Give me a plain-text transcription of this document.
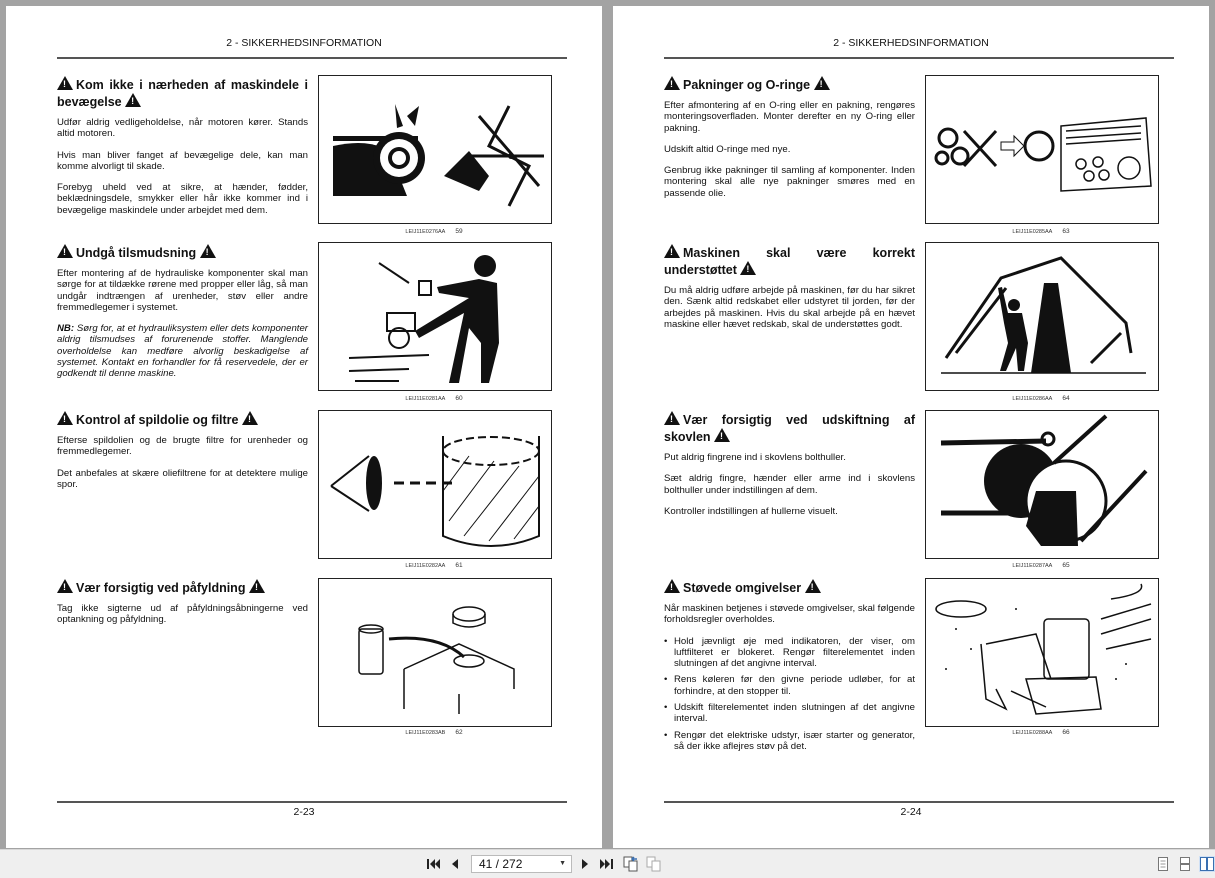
2 - SIKKERHEDSINFORMATION
!Kom ikke i nærheden af maskindele i bevægelse !

Udfør aldrig vedligeholdelse, når motoren kører. Stands altid motoren.

Hvis man bliver fanget af bevægelige dele, kan man komme alvorligt til skade.

Forebyg uheld ved at sikre, at hænder, fødder, beklædningsdele, smykker eller hår ikke kommer ind i bevægelige maskindele under arbejdet med dem.

LEIJ11E0276AA 59
!Undgå tilsmudsning !

Efter montering af de hydrauliske komponenter skal man sørge for at tildække rørene med propper eller låg, så man undgår indtrængen af urenheder, støv eller andre fremmedlegemer i systemet.

NB: Sørg for, at et hydrauliksystem eller dets komponenter aldrig tilsmudses af forurenende stoffer. Manglende overholdelse kan medføre alvorlig beskadigelse af systemet. Kontakt en forhandler for få reservedele, der er godkendt til denne maskine.

LEIJ11E0281AA 60
!Kontrol af spildolie og filtre !

Efterse spildolien og de brugte filtre for urenheder og fremmedlegemer.

Det anbefales at skære oliefiltrene for at detektere mulige spor.

LEIJ11E0282AA 61
!Vær forsigtig ved påfyldning !

Tag ikke sigterne ud af påfyldningsåbningerne ved optankning og påfyldning.

LEIJ11E0283AB 62
2-23
2 - SIKKERHEDSINFORMATION
!Pakninger og O-ringe !

Efter afmontering af en O-ring eller en pakning, rengøres monteringsoverfladen. Monter derefter en ny O-ring eller pakning.

Udskift altid O-ringe med nye.

Genbrug ikke pakninger til samling af komponenter. Inden montering skal alle nye pakninger smøres med en passende olie.

LEIJ11E0285AA 63
!Maskinen skal være korrekt understøttet !

Du må aldrig udføre arbejde på maskinen, før du har sikret den. Sænk altid redskabet eller udstyret til jorden, før der arbejdes på maskinen. Hvis du skal arbejde på en hævet maskine eller hævet redskab, skal de understøttes godt.

LEIJ11E0286AA 64
!Vær forsigtig ved udskiftning af skovlen !

Put aldrig fingrene ind i skovlens bolthuller.

Sæt aldrig fingre, hænder eller arme ind i skovlens bolthuller under indstillingen af dem.

Kontroller indstillingen af hullerne visuelt.

LEIJ11E0287AA 65
!Støvede omgivelser !

Når maskinen betjenes i støvede omgivelser, skal følgende forholdsregler overholdes.

• Hold jævnligt øje med indikatoren, der viser, om luftfilteret er blokeret. Rengør filterelementet inden slutningen af det angivne interval.
• Rens køleren før den givne periode udløber, for at forhindre, at den stopper til.
• Udskift filterelementet inden slutningen af det angivne interval.
• Rengør det elektriske udstyr, især starter og generator, så der ikke aflejres støv på det.
LEIJ11E0288AA 66
2-24
41 / 272	▼
